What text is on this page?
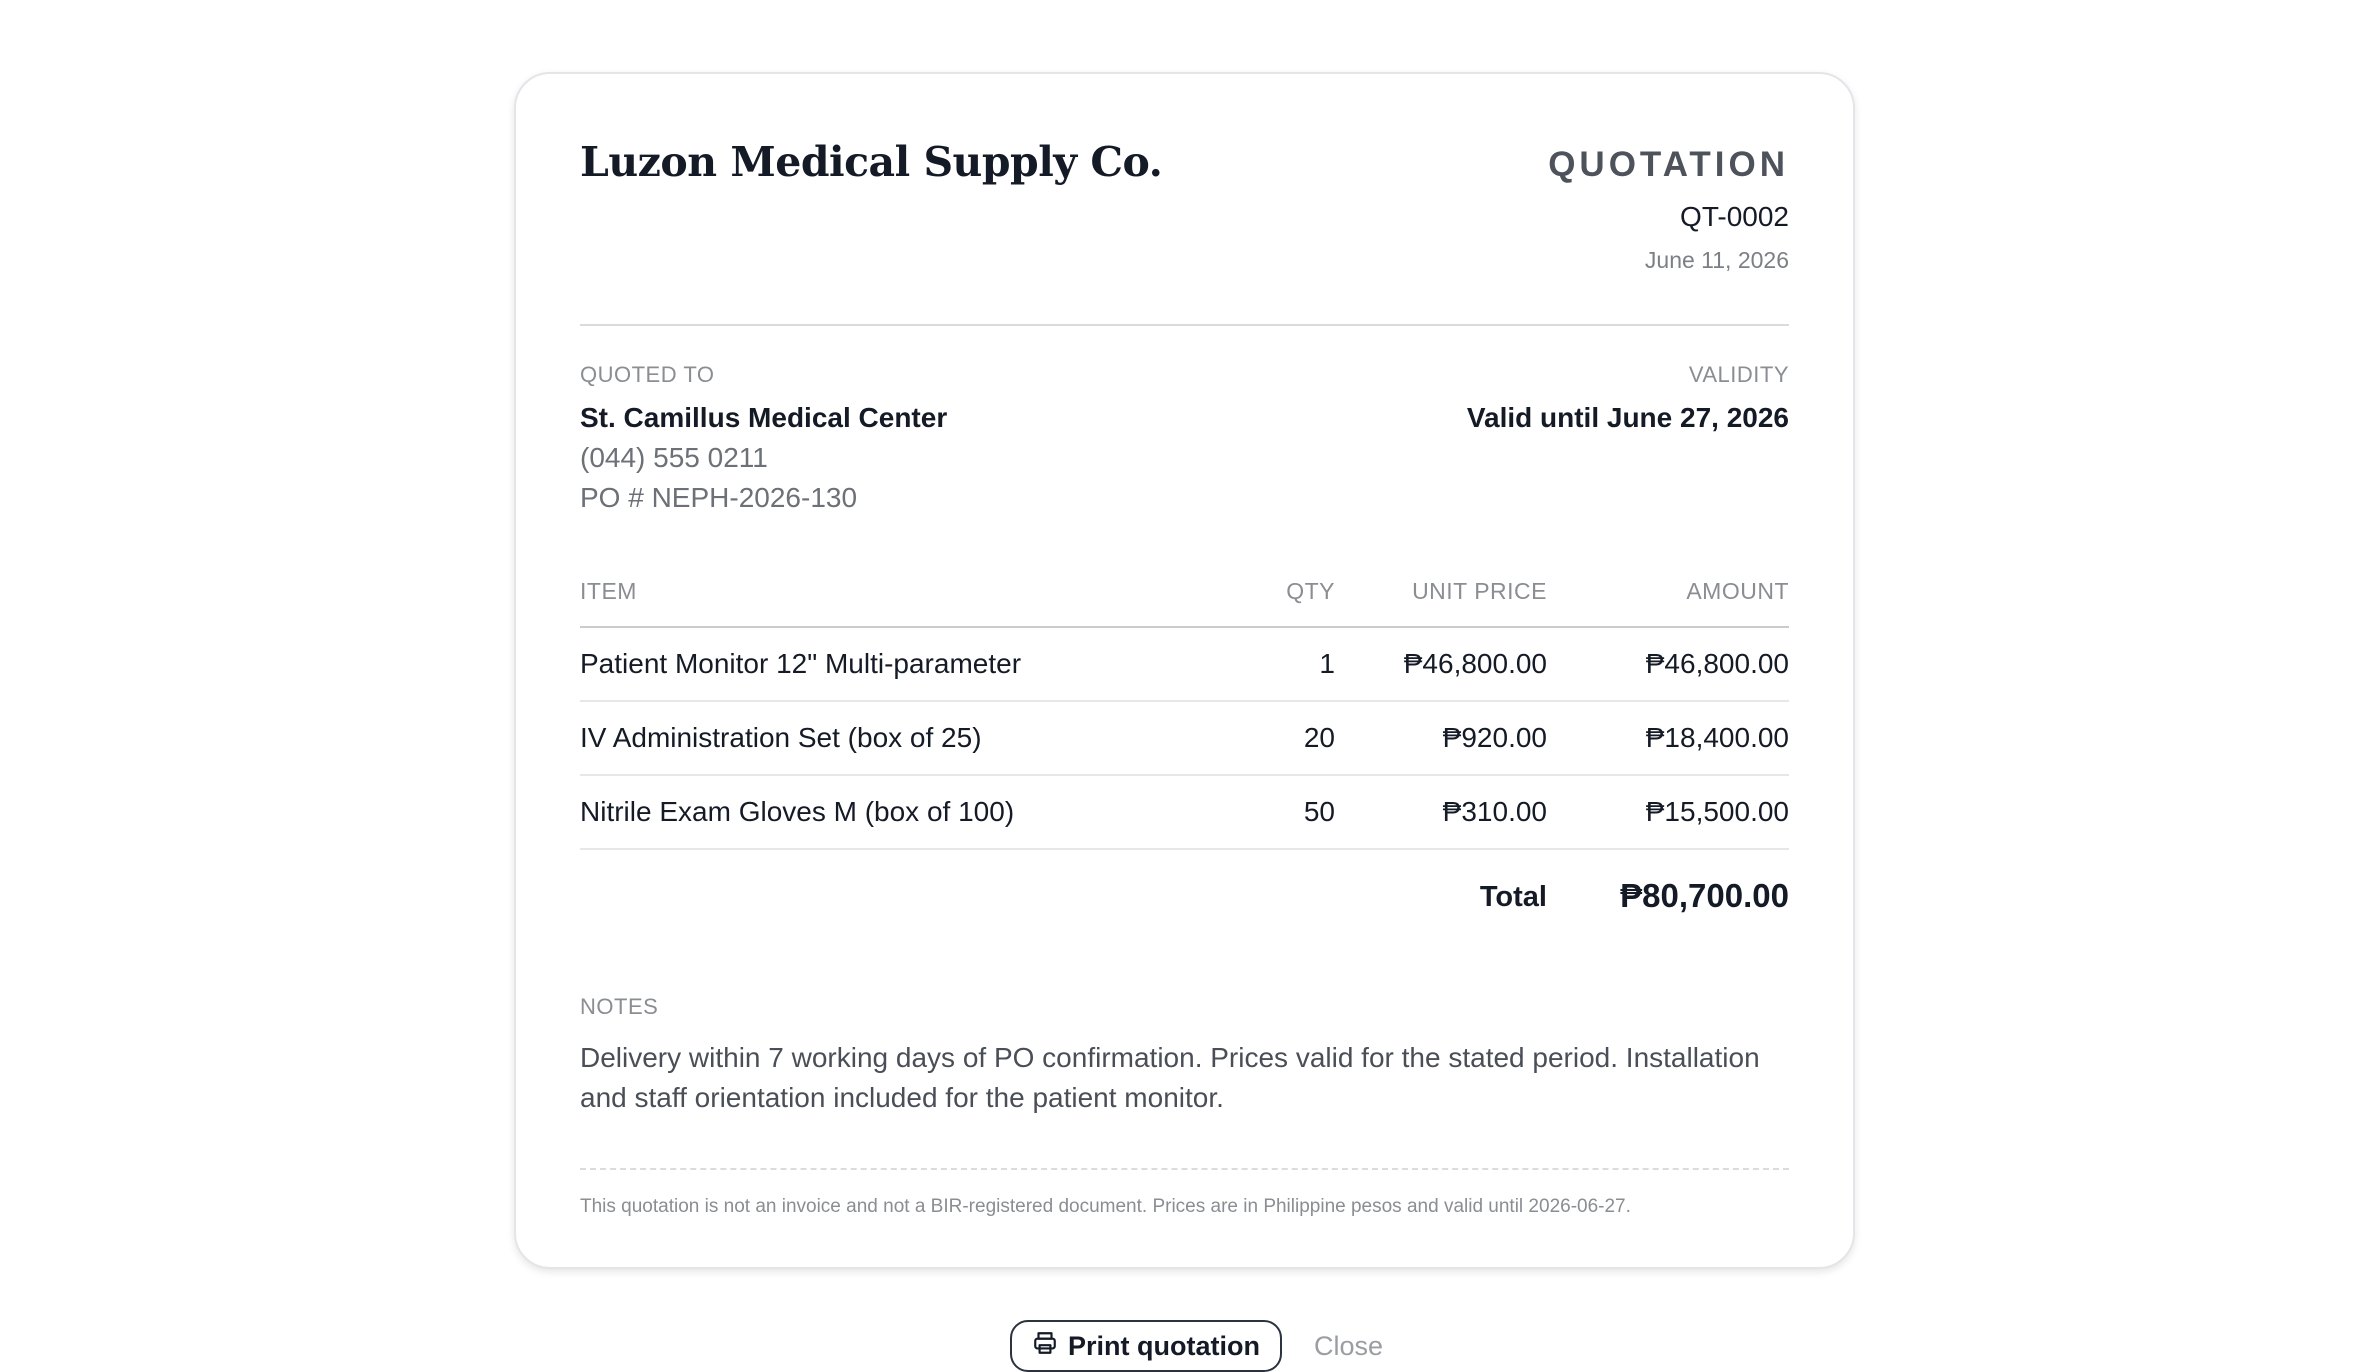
Luzon Medical Supply Co.	QUOTATION
QT-0002
June 11, 2026
QUOTED TO
St. Camillus Medical Center
(044) 555 0211
PO # NEPH-2026-130
VALIDITY
Valid until June 27, 2026
ITEM	QTY	UNIT PRICE	AMOUNT
Patient Monitor 12" Multi-parameter	1	₱46,800.00	₱46,800.00
IV Administration Set (box of 25)	20	₱920.00	₱18,400.00
Nitrile Exam Gloves M (box of 100)	50	₱310.00	₱15,500.00
Total ₱80,700.00
NOTES
Delivery within 7 working days of PO confirmation. Prices valid for the stated period. Installation and staff orientation included for the patient monitor.
This quotation is not an invoice and not a BIR-registered document. Prices are in Philippine pesos and valid until 2026-06-27.
Print quotation Close
